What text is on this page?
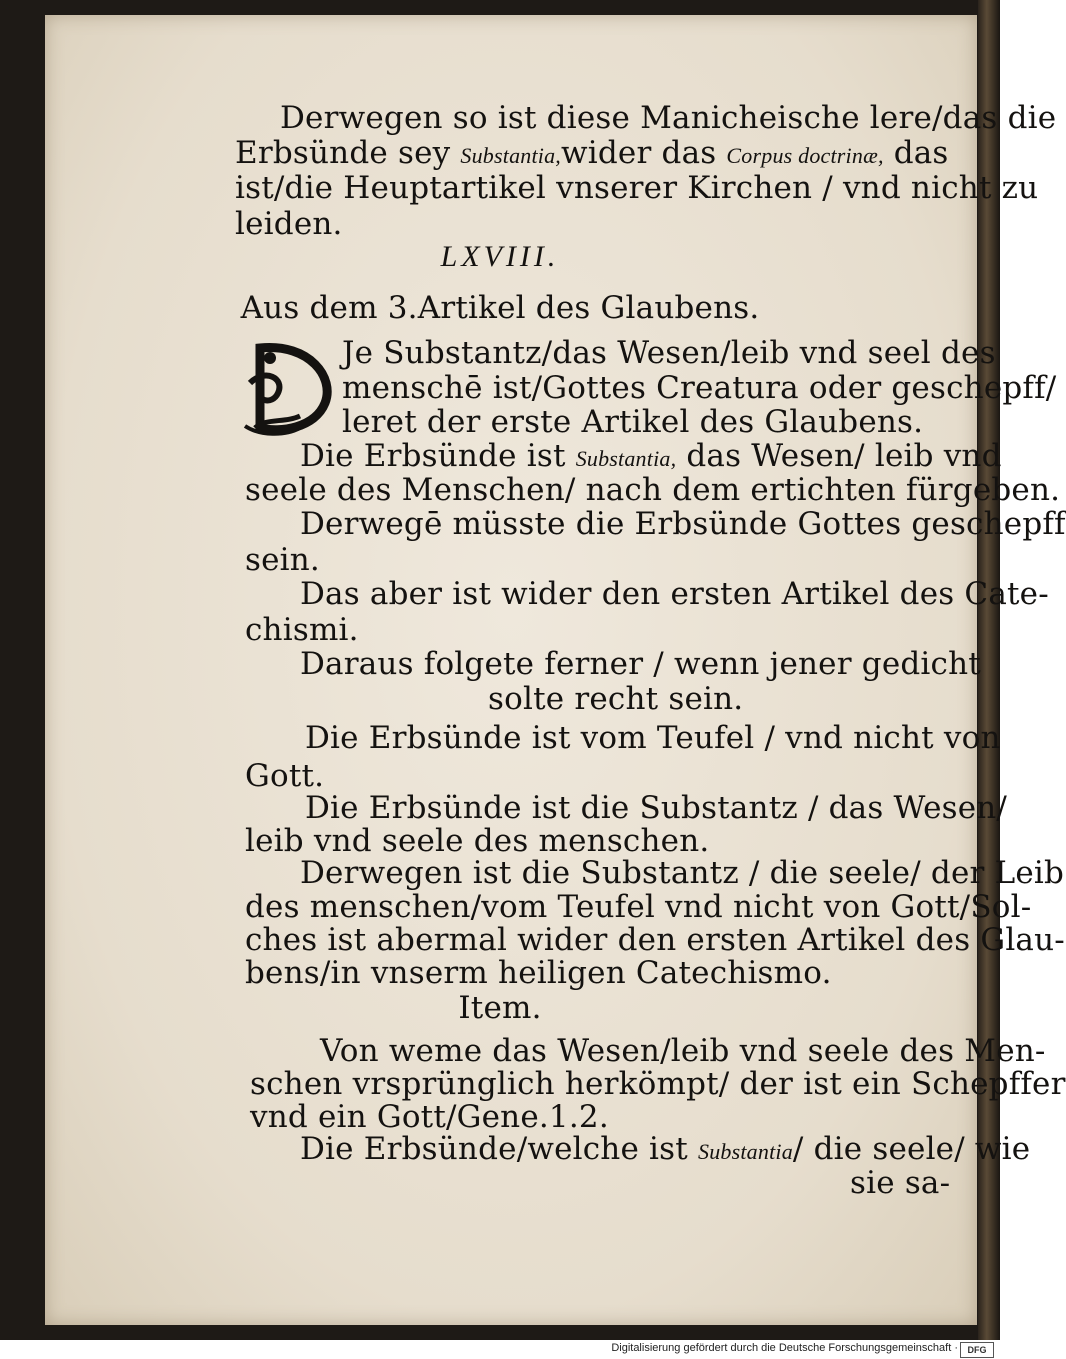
Derwegen so ist diese Manicheische lere/das die
Erbsünde sey Substantia,wider das Corpus doctrinæ, das
ist/die Heuptartikel vnserer Kirchen / vnd nicht zu
leiden.
LXVIII.
Aus dem 3.Artikel des Glaubens.
Je Substantz/das Wesen/leib vnd seel des
menschē ist/Gottes Creatura oder geschepff/
leret der erste Artikel des Glaubens.
Die Erbsünde ist Substantia, das Wesen/ leib vnd
seele des Menschen/ nach dem ertichten fürgeben.
Derwegē müsste die Erbsünde Gottes geschepff
sein.
Das aber ist wider den ersten Artikel des Cate-
chismi.
Daraus folgete ferner / wenn jener gedicht
solte recht sein.
Die Erbsünde ist vom Teufel / vnd nicht von
Gott.
Die Erbsünde ist die Substantz / das Wesen/
leib vnd seele des menschen.
Derwegen ist die Substantz / die seele/ der Leib
des menschen/vom Teufel vnd nicht von Gott/Sol-
ches ist abermal wider den ersten Artikel des Glau-
bens/in vnserm heiligen Catechismo.
Item.
Von weme das Wesen/leib vnd seele des Men-
schen vrsprünglich herkömpt/ der ist ein Schepffer
vnd ein Gott/Gene.1.2.
Die Erbsünde/welche ist Substantia/ die seele/ wie
sie sa-
Digitalisierung gefördert durch die Deutsche Forschungsgemeinschaft ·	DFG
